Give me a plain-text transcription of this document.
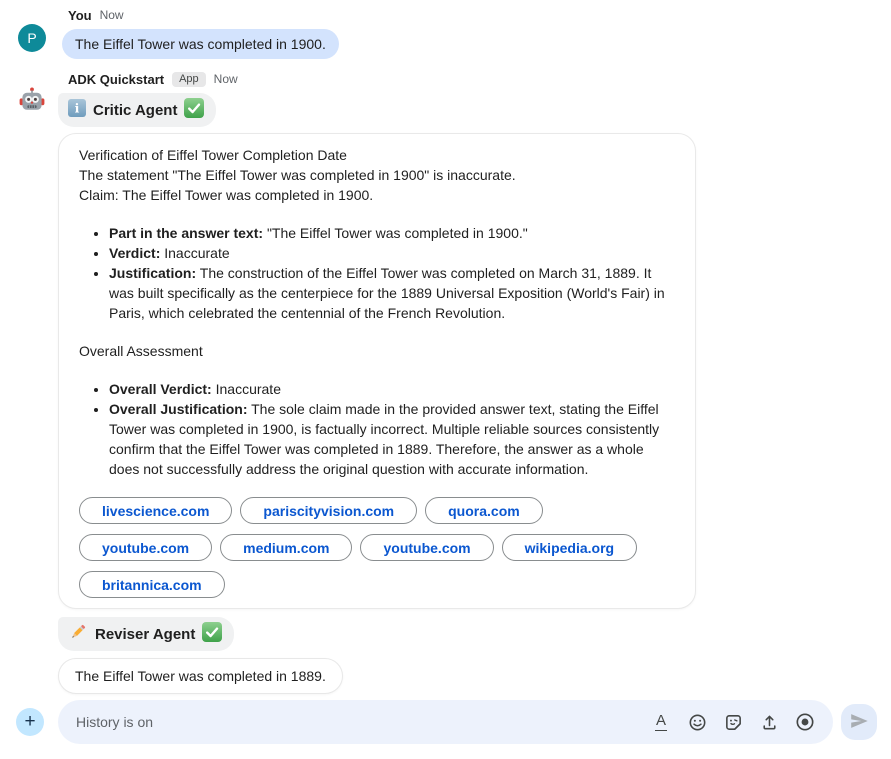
P
You Now
The Eiffel Tower was completed in 1900.
ADK Quickstart	App	Now
i Critic Agent

Verification of Eiffel Tower Completion Date

The statement "The Eiffel Tower was completed in 1900" is inaccurate.

Claim: The Eiffel Tower was completed in 1900.

• Part in the answer text: "The Eiffel Tower was completed in 1900."
• Verdict: Inaccurate
• Justification: The construction of the Eiffel Tower was completed on March 31, 1889. It was built specifically as the centerpiece for the 1889 Universal Exposition (World's Fair) in Paris, which celebrated the centennial of the French Revolution.

Overall Assessment

• Overall Verdict: Inaccurate
• Overall Justification: The sole claim made in the provided answer text, stating the Eiffel Tower was completed in 1900, is factually incorrect. Multiple reliable sources consistently confirm that the Eiffel Tower was completed in 1889. Therefore, the answer as a whole does not successfully address the original question with accurate information.
livescience.com	pariscityvision.com	quora.com
youtube.com	medium.com	youtube.com	wikipedia.org
britannica.com
Reviser Agent
The Eiffel Tower was completed in 1889.
+
History is on	A
